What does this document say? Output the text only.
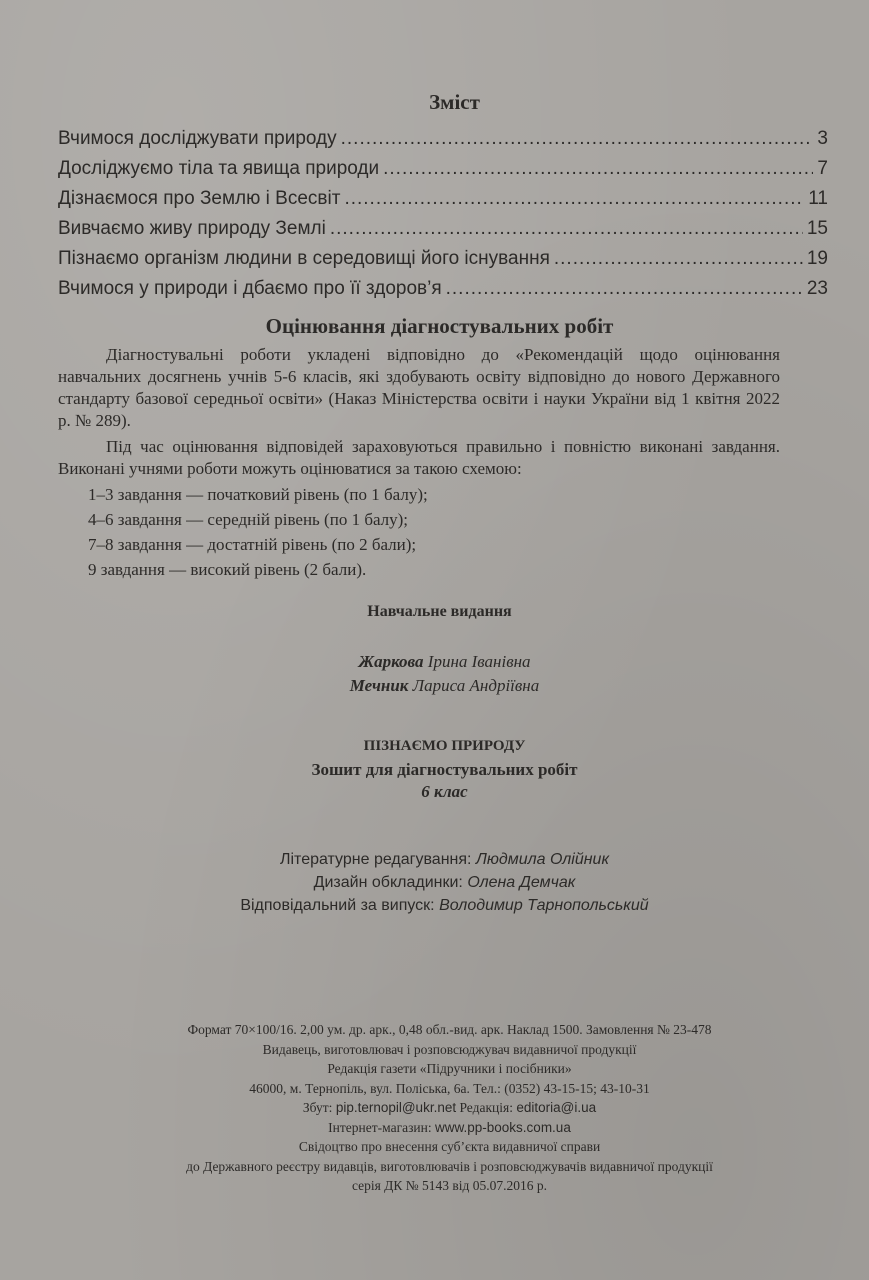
Зміст
Вчимося досліджувати природу .....	3
Досліджуємо тіла та явища природи .....	7
Дізнаємося про Землю і Всесвіт .....	11
Вивчаємо живу природу Землі .....	15
Пізнаємо організм людини в середовищі його існування .....	19
Вчимося у природи і дбаємо про її здоров’я .....	23
Оцінювання діагностувальних робіт
Діагностувальні роботи укладені відповідно до «Рекомендацій щодо оцінювання навчальних досягнень учнів 5-6 класів, які здобувають освіту відповідно до нового Державного стандарту базової середньої освіти» (Наказ Міністерства освіти і науки України від 1 квітня 2022 р. № 289).
Під час оцінювання відповідей зараховуються правильно і повністю виконані завдання. Виконані учнями роботи можуть оцінюватися за такою схемою:
1–3 завдання — початковий рівень (по 1 балу);
4–6 завдання — середній рівень (по 1 балу);
7–8 завдання — достатній рівень (по 2 бали);
9 завдання — високий рівень (2 бали).
Навчальне видання
Жаркова Ірина Іванівна
Мечник Лариса Андріївна
ПІЗНАЄМО ПРИРОДУ
Зошит для діагностувальних робіт
6 клас
Літературне редагування: Людмила Олійник
Дизайн обкладинки: Олена Демчак
Відповідальний за випуск: Володимир Тарнопольський
Формат 70×100/16. 2,00 ум. др. арк., 0,48 обл.-вид. арк. Наклад 1500. Замовлення № 23-478
Видавець, виготовлювач і розповсюджувач видавничої продукції
Редакція газети «Підручники і посібники»
46000, м. Тернопіль, вул. Поліська, 6а. Тел.: (0352) 43-15-15; 43-10-31
Збут: pip.ternopil@ukr.net Редакція: editoria@i.ua
Інтернет-магазин: www.pp-books.com.ua
Свідоцтво про внесення суб’єкта видавничої справи
до Державного реєстру видавців, виготовлювачів і розповсюджувачів видавничої продукції
серія ДК № 5143 від 05.07.2016 р.
